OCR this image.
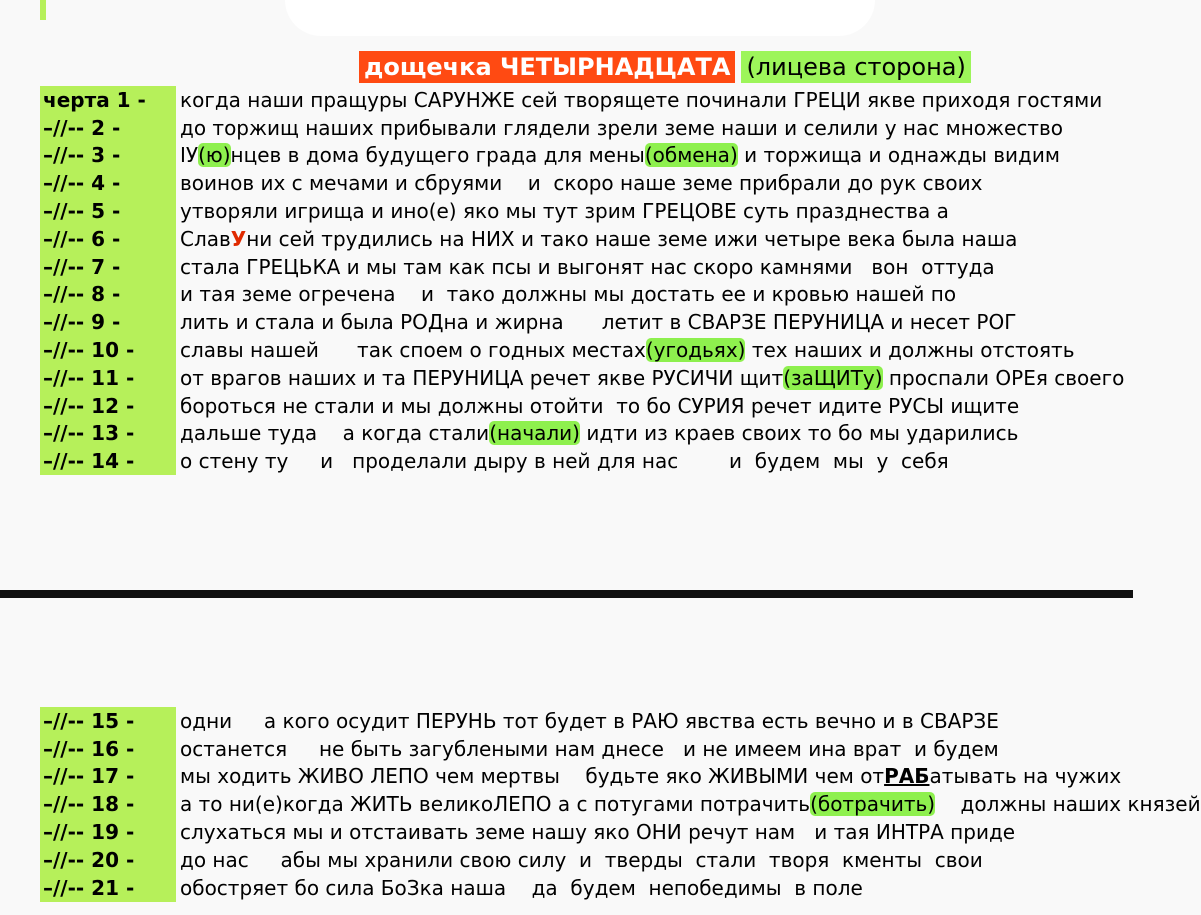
дощечка ЧЕТЫРНАДЦАТА (лицева сторона)
черта 1 -	когда наши пращуры САРУНЖЕ сей творящете починали ГРЕЦИ якве приходя гостями
–//-- 2 -	до торжищ наших прибывали глядели зрели земе наши и селили у нас множество
–//-- 3 -	IУ(ю)нцев в дома будущего града для мены(обмена) и торжища и однажды видим
–//-- 4 -	воинов их с мечами и сбруями    и  скоро наше земе прибрали до рук своих
–//-- 5 -	утворяли игрища и ино(е) яко мы тут зрим ГРЕЦОВЕ суть празднества а
–//-- 6 -	СлавУни сей трудились на НИХ и тако наше земе ижи четыре века была наша
–//-- 7 -	стала ГРЕЦЬКА и мы там как псы и выгонят нас скоро камнями   вон  оттуда
–//-- 8 -	и тая земе огречена    и  тако должны мы достать ее и кровью нашей по
–//-- 9 -	лить и стала и была РОДна и жирна      летит в СВАРЗЕ ПЕРУНИЦА и несет РОГ
–//-- 10 -	славы нашей      так споем о годных местах(угодьях) тех наших и должны отстоять
–//-- 11 -	от врагов наших и та ПЕРУНИЦА речет якве РУСИЧИ щит(заЩИТу) проспали ОРЕя своего
–//-- 12 -	бороться не стали и мы должны отойти  то бо СУРИЯ речет идите РУСЫ ищите
–//-- 13 -	дальше туда    а когда стали(начали) идти из краев своих то бо мы ударились
–//-- 14 -	о стену ту     и   проделали дыру в ней для нас        и  будем  мы  у  себя
–//-- 15 -	одни     а кого осудит ПЕРУНЬ тот будет в РАЮ явства есть вечно и в СВАРЗЕ
–//-- 16 -	останется     не быть загублеными нам днесе   и не имеем ина врат  и будем
–//-- 17 -	мы ходить ЖИВО ЛЕПО чем мертвы    будьте яко ЖИВЫМИ чем отРАБатывать на чужих
–//-- 18 -	а то ни(е)когда ЖИТЬ великоЛЕПО а с потугами потрачить(ботрачить)    должны наших князей
–//-- 19 -	слухаться мы и отстаивать земе нашу яко ОНИ речут нам   и тая ИНТРА приде
–//-- 20 -	до нас     абы мы хранили свою силу  и  тверды  стали  творя  кменты  свои
–//-- 21 -	обостряет бо сила БоЗка наша    да  будем  непобедимы  в поле
